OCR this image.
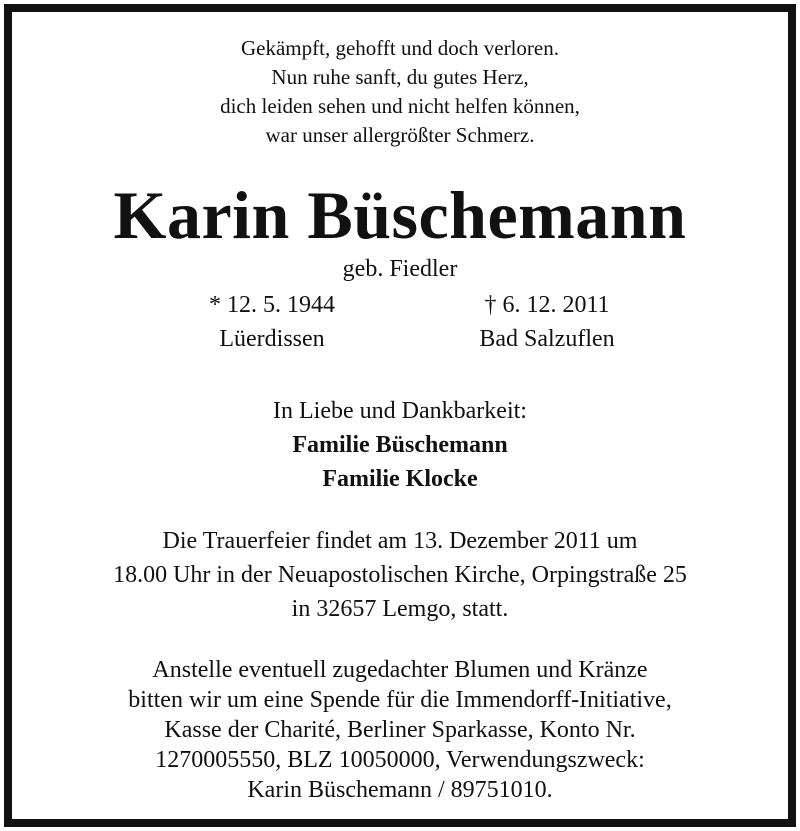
Gekämpft, gehofft und doch verloren.
Nun ruhe sanft, du gutes Herz,
dich leiden sehen und nicht helfen können,
war unser allergrößter Schmerz.
Karin Büschemann
geb. Fiedler
* 12. 5. 1944
Lüerdissen
† 6. 12. 2011
Bad Salzuflen
In Liebe und Dankbarkeit:
Familie Büschemann
Familie Klocke
Die Trauerfeier findet am 13. Dezember 2011 um
18.00 Uhr in der Neuapostolischen Kirche, Orpingstraße 25
in 32657 Lemgo, statt.
Anstelle eventuell zugedachter Blumen und Kränze
bitten wir um eine Spende für die Immendorff-Initiative,
Kasse der Charité, Berliner Sparkasse, Konto Nr.
1270005550, BLZ 10050000, Verwendungszweck:
Karin Büschemann / 89751010.
